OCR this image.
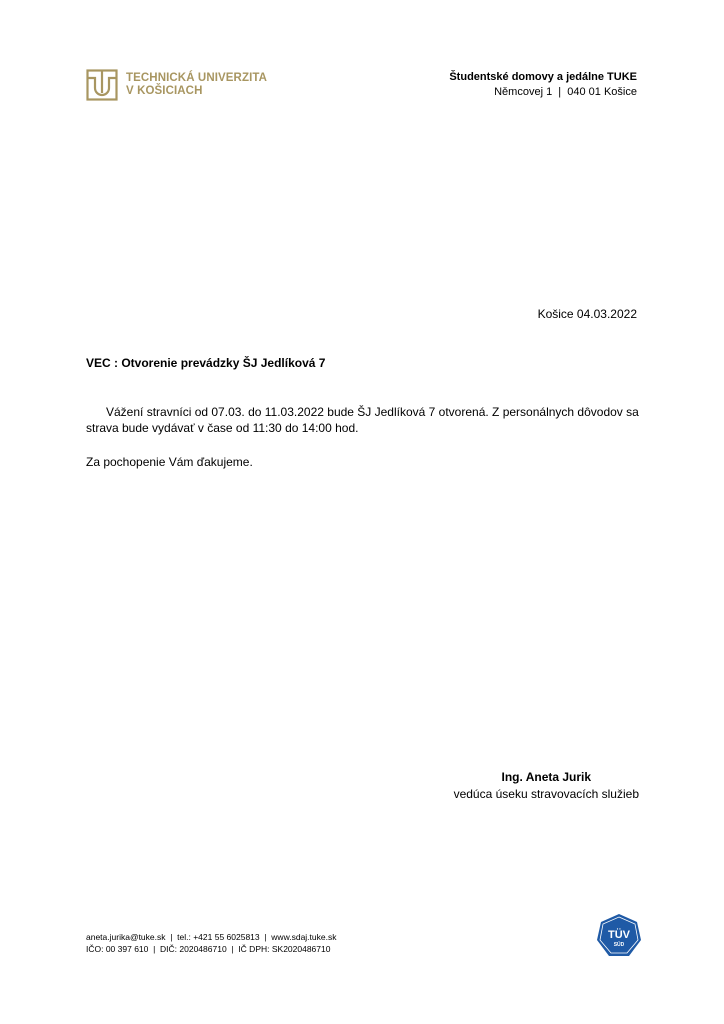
TECHNICKÁ UNIVERZITA
V KOŠICIACH
Študentské domovy a jedálne TUKE
Němcovej 1  |  040 01 Košice
Košice 04.03.2022
VEC : Otvorenie prevádzky ŠJ Jedlíková 7
Vážení stravníci od 07.03. do 11.03.2022 bude ŠJ Jedlíková 7 otvorená. Z personálnych dôvodov sa strava bude vydávať v čase od 11:30 do 14:00 hod.
Za pochopenie Vám ďakujeme.
Ing. Aneta Jurik
vedúca úseku stravovacích služieb
aneta.jurika@tuke.sk  |  tel.: +421 55 6025813  |  www.sdaj.tuke.sk
IČO: 00 397 610  |  DIČ: 2020486710  |  IČ DPH: SK2020486710
TÜV
SÜD
